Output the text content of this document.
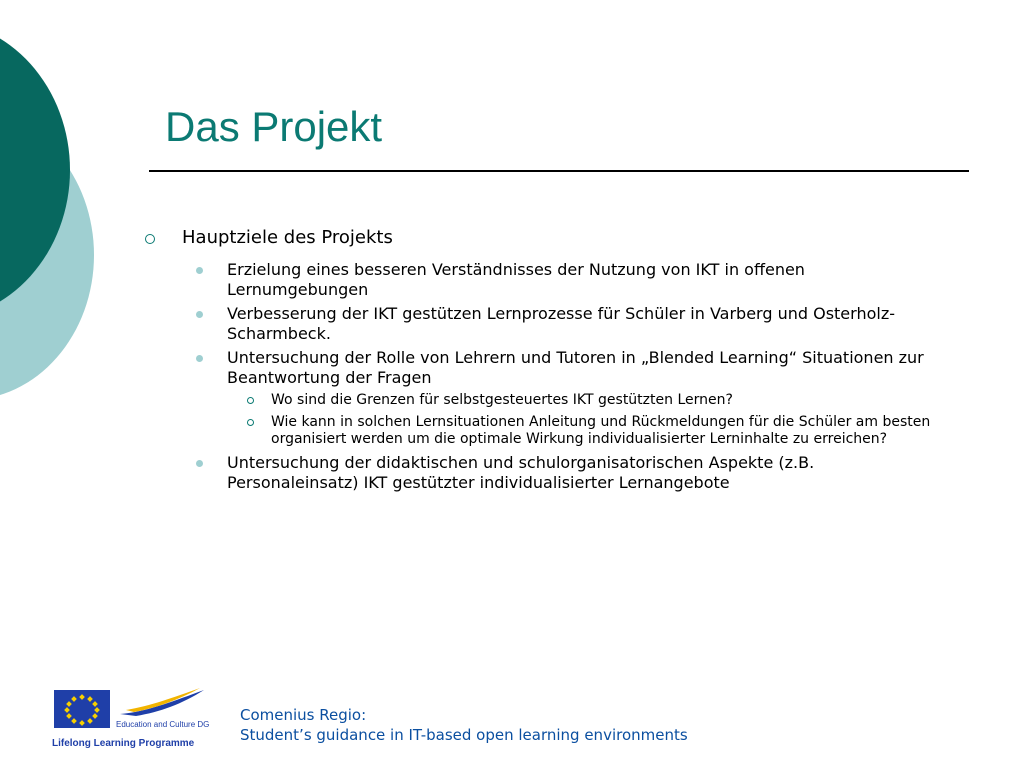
Das Projekt
Hauptziele des Projekts
Erzielung eines besseren Verständnisses der Nutzung von IKT in offenen Lernumgebungen
Verbesserung der IKT gestützen Lernprozesse für Schüler in Varberg und Osterholz- Scharmbeck.
Untersuchung der Rolle von Lehrern und Tutoren in „Blended Learning“ Situationen zur Beantwortung der Fragen
Wo sind die Grenzen für selbstgesteuertes IKT gestützten Lernen?
Wie kann in solchen Lernsituationen Anleitung und Rückmeldungen für die Schüler am besten organisiert werden um die optimale Wirkung individualisierter Lerninhalte zu erreichen?
Untersuchung der didaktischen und schulorganisatorischen Aspekte (z.B. Personaleinsatz) IKT gestützter individualisierter Lernangebote
Education and Culture DG
Lifelong Learning Programme
Comenius Regio:
Student’s guidance in IT-based open learning environments
